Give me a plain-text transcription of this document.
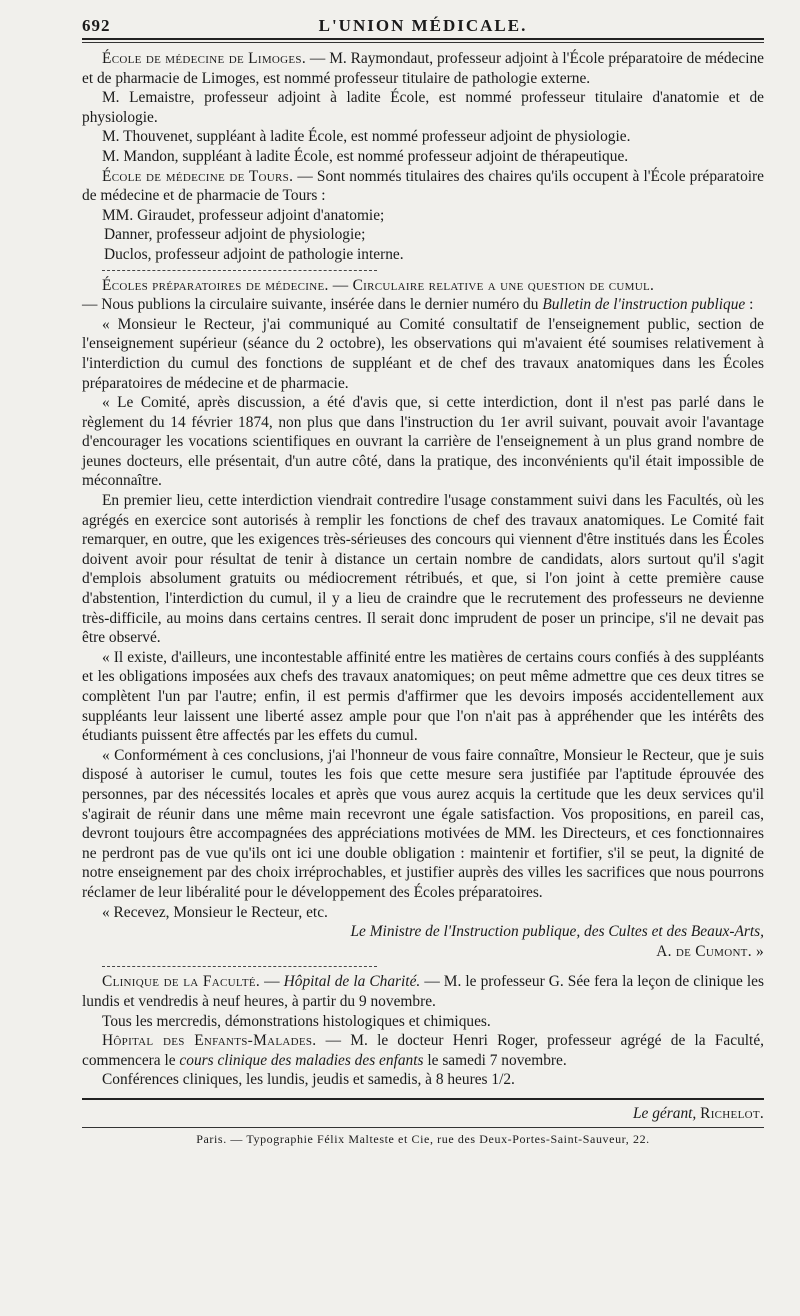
692	L'UNION MÉDICALE.

École de médecine de Limoges. — M. Raymondaut, professeur adjoint à l'École préparatoire de médecine et de pharmacie de Limoges, est nommé professeur titulaire de pathologie externe.

M. Lemaistre, professeur adjoint à ladite École, est nommé professeur titulaire d'anatomie et de physiologie.

M. Thouvenet, suppléant à ladite École, est nommé professeur adjoint de physiologie.

M. Mandon, suppléant à ladite École, est nommé professeur adjoint de thérapeutique.

École de médecine de Tours. — Sont nommés titulaires des chaires qu'ils occupent à l'École préparatoire de médecine et de pharmacie de Tours :

MM. Giraudet, professeur adjoint d'anatomie;

Danner, professeur adjoint de physiologie;

Duclos, professeur adjoint de pathologie interne.

Écoles préparatoires de médecine. — Circulaire relative a une question de cumul.

— Nous publions la circulaire suivante, insérée dans le dernier numéro du Bulletin de l'instruction publique :

« Monsieur le Recteur, j'ai communiqué au Comité consultatif de l'enseignement public, section de l'enseignement supérieur (séance du 2 octobre), les observations qui m'avaient été soumises relativement à l'interdiction du cumul des fonctions de suppléant et de chef des travaux anatomiques dans les Écoles préparatoires de médecine et de pharmacie.

« Le Comité, après discussion, a été d'avis que, si cette interdiction, dont il n'est pas parlé dans le règlement du 14 février 1874, non plus que dans l'instruction du 1er avril suivant, pouvait avoir l'avantage d'encourager les vocations scientifiques en ouvrant la carrière de l'enseignement à un plus grand nombre de jeunes docteurs, elle présentait, d'un autre côté, dans la pratique, des inconvénients qu'il était impossible de méconnaître.

En premier lieu, cette interdiction viendrait contredire l'usage constamment suivi dans les Facultés, où les agrégés en exercice sont autorisés à remplir les fonctions de chef des travaux anatomiques. Le Comité fait remarquer, en outre, que les exigences très-sérieuses des concours qui viennent d'être institués dans les Écoles doivent avoir pour résultat de tenir à distance un certain nombre de candidats, alors surtout qu'il s'agit d'emplois absolument gratuits ou médiocrement rétribués, et que, si l'on joint à cette première cause d'abstention, l'interdiction du cumul, il y a lieu de craindre que le recrutement des professeurs ne devienne très-difficile, au moins dans certains centres. Il serait donc imprudent de poser un principe, s'il ne devait pas être observé.

« Il existe, d'ailleurs, une incontestable affinité entre les matières de certains cours confiés à des suppléants et les obligations imposées aux chefs des travaux anatomiques; on peut même admettre que ces deux titres se complètent l'un par l'autre; enfin, il est permis d'affirmer que les devoirs imposés accidentellement aux suppléants leur laissent une liberté assez ample pour que l'on n'ait pas à appréhender que les intérêts des étudiants puissent être affectés par les effets du cumul.

« Conformément à ces conclusions, j'ai l'honneur de vous faire connaître, Monsieur le Recteur, que je suis disposé à autoriser le cumul, toutes les fois que cette mesure sera justifiée par l'aptitude éprouvée des personnes, par des nécessités locales et après que vous aurez acquis la certitude que les deux services qu'il s'agirait de réunir dans une même main recevront une égale satisfaction. Vos propositions, en pareil cas, devront toujours être accompagnées des appréciations motivées de MM. les Directeurs, et ces fonctionnaires ne perdront pas de vue qu'ils ont ici une double obligation : maintenir et fortifier, s'il se peut, la dignité de notre enseignement par des choix irréprochables, et justifier auprès des villes les sacrifices que nous pourrons réclamer de leur libéralité pour le développement des Écoles préparatoires.

« Recevez, Monsieur le Recteur, etc.

Le Ministre de l'Instruction publique, des Cultes et des Beaux-Arts,

A. de Cumont. »

Clinique de la Faculté. — Hôpital de la Charité. — M. le professeur G. Sée fera la leçon de clinique les lundis et vendredis à neuf heures, à partir du 9 novembre.

Tous les mercredis, démonstrations histologiques et chimiques.

Hôpital des Enfants-Malades. — M. le docteur Henri Roger, professeur agrégé de la Faculté, commencera le cours clinique des maladies des enfants le samedi 7 novembre.

Conférences cliniques, les lundis, jeudis et samedis, à 8 heures 1/2.

Le gérant, Richelot.
Paris. — Typographie Félix Malteste et Cie, rue des Deux-Portes-Saint-Sauveur, 22.
